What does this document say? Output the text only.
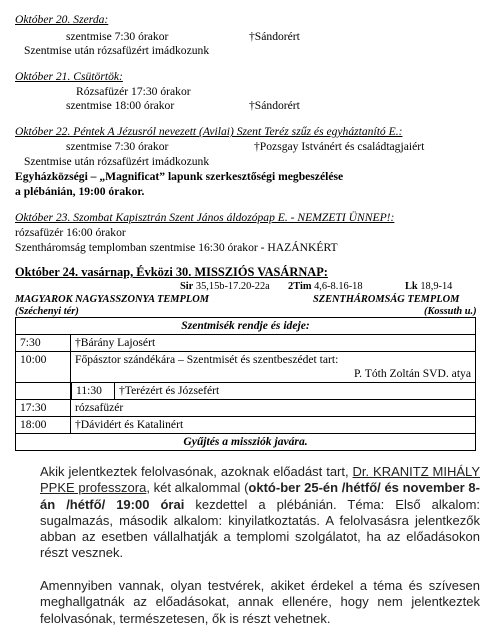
Október 20. Szerda:
szentmise 7:30 órakor	†Sándorért
Szentmise után rózsafüzért imádkozunk
Október 21. Csütörtök:
Rózsafüzér 17:30 órakor
szentmise 18:00 órakor	†Sándorért
Október 22. Péntek A Jézusról nevezett (Avilai) Szent Teréz szűz és egyháztanító E.:
szentmise 7:30 órakor	†Pozsgay Istvánért és családtagjaiért
Szentmise után rózsafüzért imádkozunk
Egyházközségi – „Magnificat” lapunk szerkesztőségi megbeszélése
a plébánián, 19:00 órakor.
Október 23. Szombat Kapisztrán Szent János áldozópap E. - NEMZETI ÜNNEP!:
rózsafüzér 16:00 órakor
Szentháromság templomban szentmise 16:30 órakor - HAZÁNKÉRT
Október 24. vasárnap, Évközi 30. MISSZIÓS VASÁRNAP:
Sir 35,15b-17.20-22a 2Tim 4,6-8.16-18	Lk 18,9-14
MAGYAROK NAGYASSZONYA TEMPLOM	SZENTHÁROMSÁG TEMPLOM
(Széchenyi tér)	(Kossuth u.)
Szentmisék rendje és ideje:	
7:30	†Bárány Lajosért
10:00	Főpásztor szándékára – Szentmisét és szentbeszédet tart:
P. Tóth Zoltán SVD. atya

	11:30 †Terézért és Józsefért

17:30	rózsafüzér
18:00	†Dávidért és Katalinért
Gyűjtés a missziók javára.	
Akik jelentkeztek felolvasónak, azoknak előadást tart, Dr. KRANITZ MIHÁLY PPKE professzora, két alkalommal (októ-ber 25-én /hétfő/ és november 8-án /hétfő/ 19:00 órai kezdettel a plébánián. Téma: Első alkalom: sugalmazás, második alkalom: kinyilatkoztatás. A felolvasásra jelentkezők abban az esetben vállalhatják a templomi szolgálatot, ha az előadásokon részt vesznek.
Amennyiben vannak, olyan testvérek, akiket érdekel a téma és szívesen meghallgatnák az előadásokat, annak ellenére, hogy nem jelentkeztek felolvasónak, természetesen, ők is részt vehetnek.
